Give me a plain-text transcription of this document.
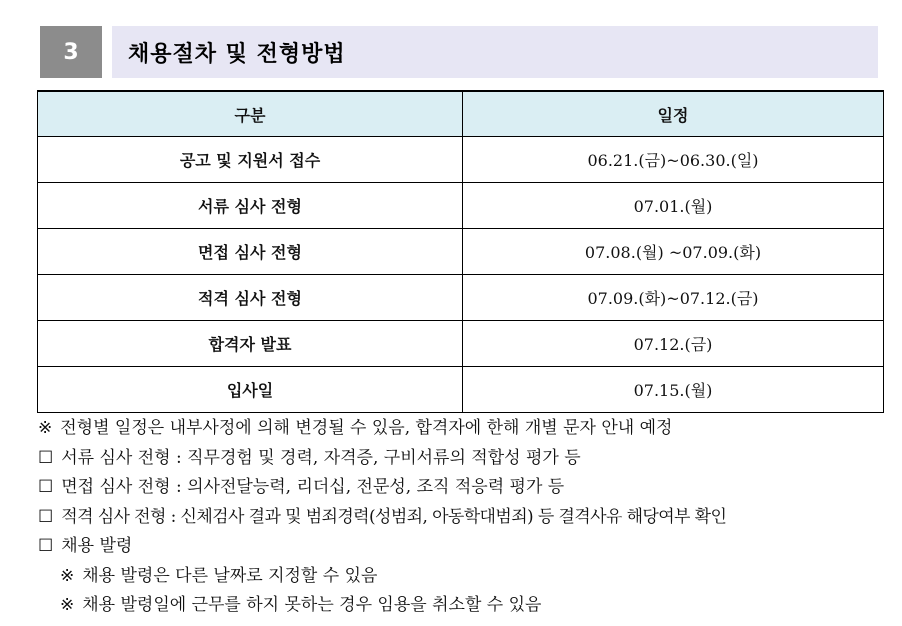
3	채용절차 및 전형방법
구분	일정
공고 및 지원서 접수	06.21.(금)~06.30.(일)
서류 심사 전형	07.01.(월)
면접 심사 전형	07.08.(월) ~07.09.(화)
적격 심사 전형	07.09.(화)~07.12.(금)
합격자 발표	07.12.(금)
입사일	07.15.(월)
※ 전형별 일정은 내부사정에 의해 변경될 수 있음, 합격자에 한해 개별 문자 안내 예정
☐ 서류 심사 전형 : 직무경험 및 경력, 자격증, 구비서류의 적합성 평가 등
☐ 면접 심사 전형 : 의사전달능력, 리더십, 전문성, 조직 적응력 평가 등
☐ 적격 심사 전형 : 신체검사 결과 및 범죄경력(성범죄, 아동학대범죄) 등 결격사유 해당여부 확인
☐ 채용 발령
※ 채용 발령은 다른 날짜로 지정할 수 있음
※ 채용 발령일에 근무를 하지 못하는 경우 임용을 취소할 수 있음
